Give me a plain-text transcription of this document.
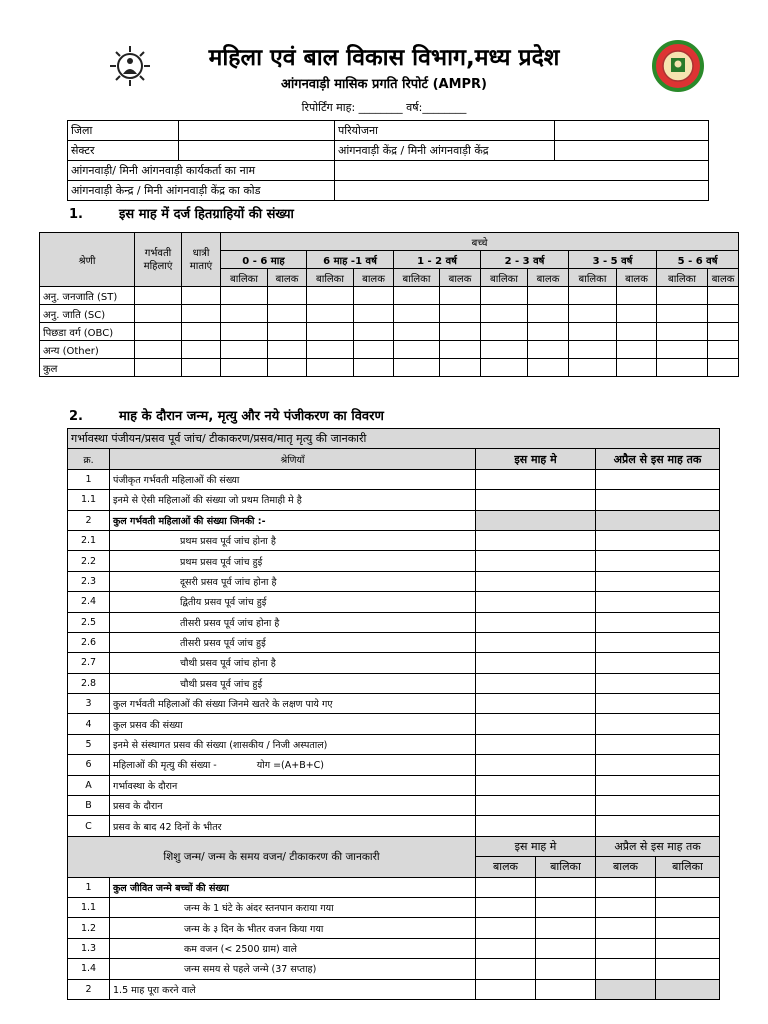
महिला एवं बाल विकास विभाग,मध्य प्रदेश
आंगनवाड़ी मासिक प्रगति रिपोर्ट (AMPR)
रिपोर्टिंग माह: ________ वर्ष:________
जिला		परियोजना	
सेक्टर		आंगनवाड़ी केंद्र / मिनी आंगनवाड़ी केंद्र	
आंगनवाड़ी/ मिनी आंगनवाड़ी कार्यकर्ता का नाम			
आंगनवाड़ी केन्द्र / मिनी आंगनवाड़ी केंद्र का कोड			
1.	इस माह में दर्ज हितग्राहियों की संख्या
श्रेणी	गर्भवती महिलाएं	धात्री माताएं	बच्चे											
			0 - 6 माह		6 माह -1 वर्ष		1 - 2 वर्ष		2 - 3 वर्ष		3 - 5 वर्ष		5 - 6 वर्ष	
			बालिका	बालक	बालिका	बालक	बालिका	बालक	बालिका	बालक	बालिका	बालक	बालिका	बालक
अनु. जनजाति (ST)														
अनु. जाति (SC)														
पिछडा वर्ग (OBC)														
अन्य (Other)														
कुल														
2.	माह के दौरान जन्म, मृत्यु और नये पंजीकरण का विवरण
गर्भावस्था पंजीयन/प्रसव पूर्व जांच/ टीकाकरण/प्रसव/मातृ मृत्यु की जानकारी					
क्र.	श्रेणियाँ	इस माह मे		अप्रैल से इस माह तक	
1	पंजीकृत गर्भवती महिलाओं की संख्या				
1.1	इनमे से ऐसी महिलाओं की संख्या जो प्रथम तिमाही मे है				
2	कुल गर्भवती महिलाओं की संख्या जिनकी :-				
2.1	प्रथम प्रसव पूर्व जांच होना है				
2.2	प्रथम प्रसव पूर्व जांच हुई				
2.3	दूसरी प्रसव पूर्व जांच होना है				
2.4	द्वितीय प्रसव पूर्व जांच हुई				
2.5	तीसरी प्रसव पूर्व जांच होना है				
2.6	तीसरी प्रसव पूर्व जांच हुई				
2.7	चौथी प्रसव पूर्व जांच होना है				
2.8	चौथी प्रसव पूर्व जांच हुई				
3	कुल गर्भवती महिलाओं की संख्या जिनमे खतरे के लक्षण पाये गए				
4	कुल प्रसव की संख्या				
5	इनमे से संस्थागत प्रसव की संख्या (शासकीय / निजी अस्पताल)				
6	महिलाओं की मृत्यु की संख्या - योग =(A+B+C)				
A	गर्भावस्था के दौरान				
B	प्रसव के दौरान				
C	प्रसव के बाद 42 दिनों के भीतर				
शिशु जन्म/ जन्म के समय वजन/ टीकाकरण की जानकारी		इस माह मे		अप्रैल से इस माह तक	
		बालक	बालिका	बालक	बालिका
1	कुल जीवित जन्मे बच्चों की संख्या				
1.1	जन्म के 1 घंटे के अंदर स्तनपान कराया गया				
1.2	जन्म के ३ दिन के भीतर वजन किया गया				
1.3	कम वजन (< 2500 ग्राम) वाले				
1.4	जन्म समय से पहले जन्मे (37 सप्ताह)				
2	1.5 माह पूरा करने वाले				
